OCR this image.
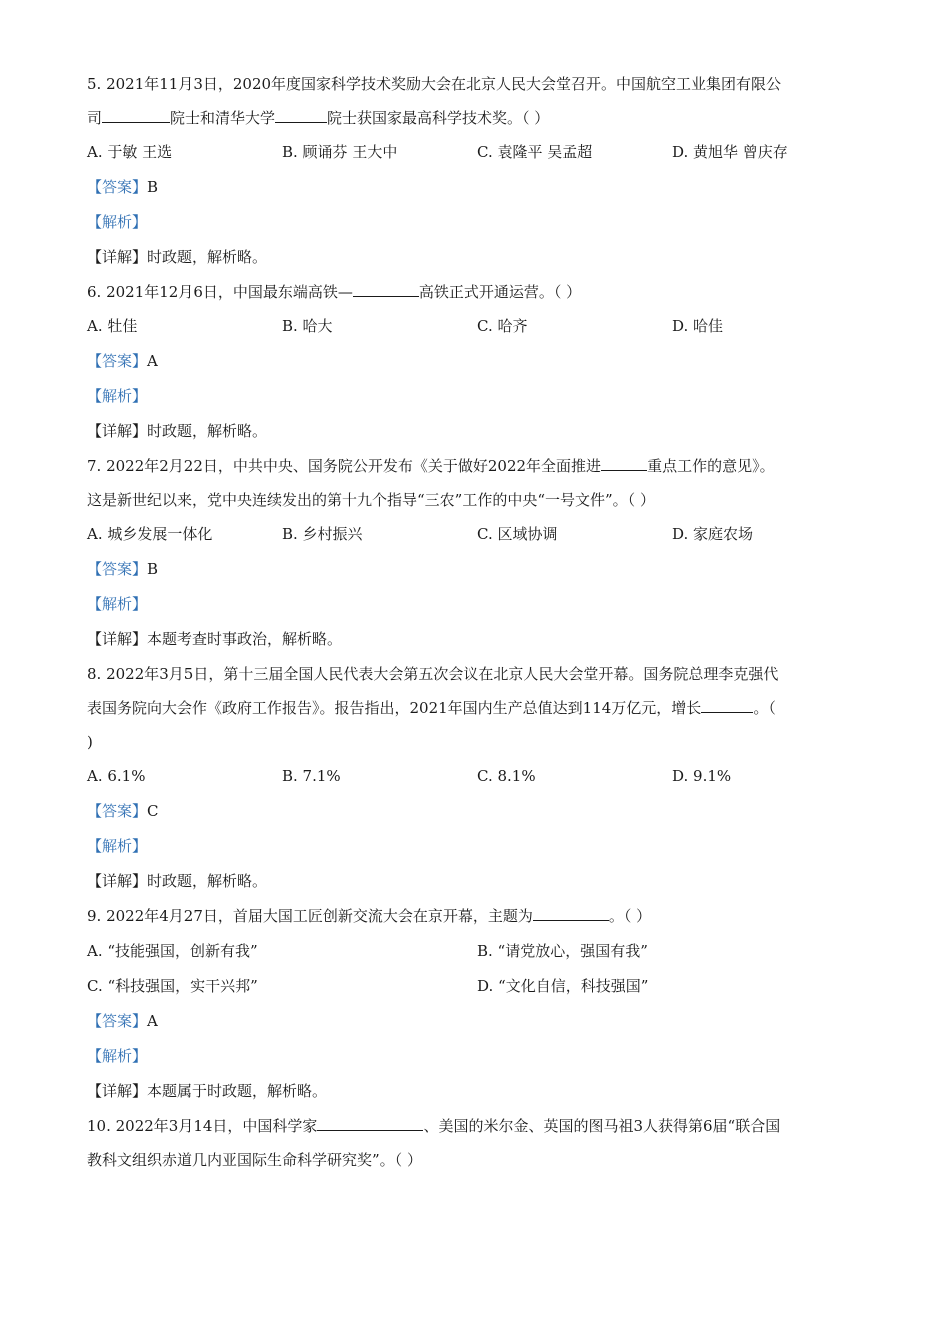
5. 2021年11月3日，2020年度国家科学技术奖励大会在北京人民大会堂召开。中国航空工业集团有限公
司	院士和清华大学	院士获国家最高科学技术奖。（ ）
A. 于敏 王选	B. 顾诵芬 王大中	C. 袁隆平 吴孟超	D. 黄旭华 曾庆存
【答案】B
【解析】
【详解】时政题，解析略。
6. 2021年12月6日，中国最东端高铁—	高铁正式开通运营。（ ）
A. 牡佳	B. 哈大	C. 哈齐	D. 哈佳
【答案】A
【解析】
【详解】时政题，解析略。
7. 2022年2月22日，中共中央、国务院公开发布《关于做好2022年全面推进	重点工作的意见》。
这是新世纪以来，党中央连续发出的第十九个指导“三农”工作的中央“一号文件”。（ ）
A. 城乡发展一体化	B. 乡村振兴	C. 区域协调	D. 家庭农场
【答案】B
【解析】
【详解】本题考查时事政治，解析略。
8. 2022年3月5日，第十三届全国人民代表大会第五次会议在北京人民大会堂开幕。国务院总理李克强代
表国务院向大会作《政府工作报告》。报告指出，2021年国内生产总值达到114万亿元，增长	。（
)
A. 6.1%	B. 7.1%	C. 8.1%	D. 9.1%
【答案】C
【解析】
【详解】时政题，解析略。
9. 2022年4月27日，首届大国工匠创新交流大会在京开幕，主题为	。（ ）
A. “技能强国，创新有我”	B. “请党放心，强国有我”
C. “科技强国，实干兴邦”	D. “文化自信，科技强国”
【答案】A
【解析】
【详解】本题属于时政题，解析略。
10. 2022年3月14日，中国科学家	、美国的米尔金、英国的图马祖3人获得第6届“联合国
教科文组织赤道几内亚国际生命科学研究奖”。（ ）
